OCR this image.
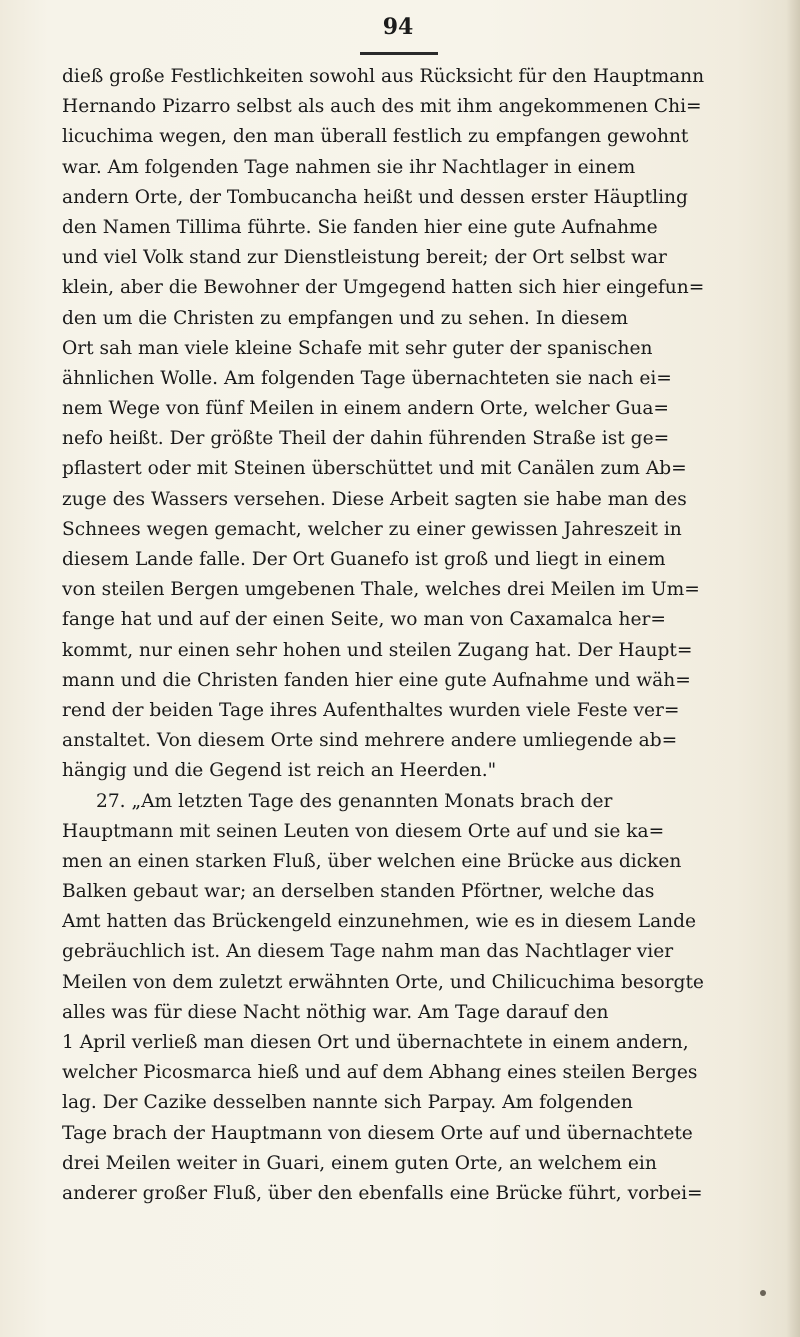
94
dieß große Festlichkeiten sowohl aus Rücksicht für den Hauptmann
Hernando Pizarro selbst als auch des mit ihm angekommenen Chi=
licuchima wegen, den man überall festlich zu empfangen gewohnt
war. Am folgenden Tage nahmen sie ihr Nachtlager in einem
andern Orte, der Tombucancha heißt und dessen erster Häuptling
den Namen Tillima führte. Sie fanden hier eine gute Aufnahme
und viel Volk stand zur Dienstleistung bereit; der Ort selbst war
klein, aber die Bewohner der Umgegend hatten sich hier eingefun=
den um die Christen zu empfangen und zu sehen. In diesem
Ort sah man viele kleine Schafe mit sehr guter der spanischen
ähnlichen Wolle. Am folgenden Tage übernachteten sie nach ei=
nem Wege von fünf Meilen in einem andern Orte, welcher Gua=
nefo heißt. Der größte Theil der dahin führenden Straße ist ge=
pflastert oder mit Steinen überschüttet und mit Canälen zum Ab=
zuge des Wassers versehen. Diese Arbeit sagten sie habe man des
Schnees wegen gemacht, welcher zu einer gewissen Jahreszeit in
diesem Lande falle. Der Ort Guanefo ist groß und liegt in einem
von steilen Bergen umgebenen Thale, welches drei Meilen im Um=
fange hat und auf der einen Seite, wo man von Caxamalca her=
kommt, nur einen sehr hohen und steilen Zugang hat. Der Haupt=
mann und die Christen fanden hier eine gute Aufnahme und wäh=
rend der beiden Tage ihres Aufenthaltes wurden viele Feste ver=
anstaltet. Von diesem Orte sind mehrere andere umliegende ab=
hängig und die Gegend ist reich an Heerden."
27. „Am letzten Tage des genannten Monats brach der
Hauptmann mit seinen Leuten von diesem Orte auf und sie ka=
men an einen starken Fluß, über welchen eine Brücke aus dicken
Balken gebaut war; an derselben standen Pförtner, welche das
Amt hatten das Brückengeld einzunehmen, wie es in diesem Lande
gebräuchlich ist. An diesem Tage nahm man das Nachtlager vier
Meilen von dem zuletzt erwähnten Orte, und Chilicuchima besorgte
alles was für diese Nacht nöthig war. Am Tage darauf den
1 April verließ man diesen Ort und übernachtete in einem andern,
welcher Picosmarca hieß und auf dem Abhang eines steilen Berges
lag. Der Cazike desselben nannte sich Parpay. Am folgenden
Tage brach der Hauptmann von diesem Orte auf und übernachtete
drei Meilen weiter in Guari, einem guten Orte, an welchem ein
anderer großer Fluß, über den ebenfalls eine Brücke führt, vorbei=
